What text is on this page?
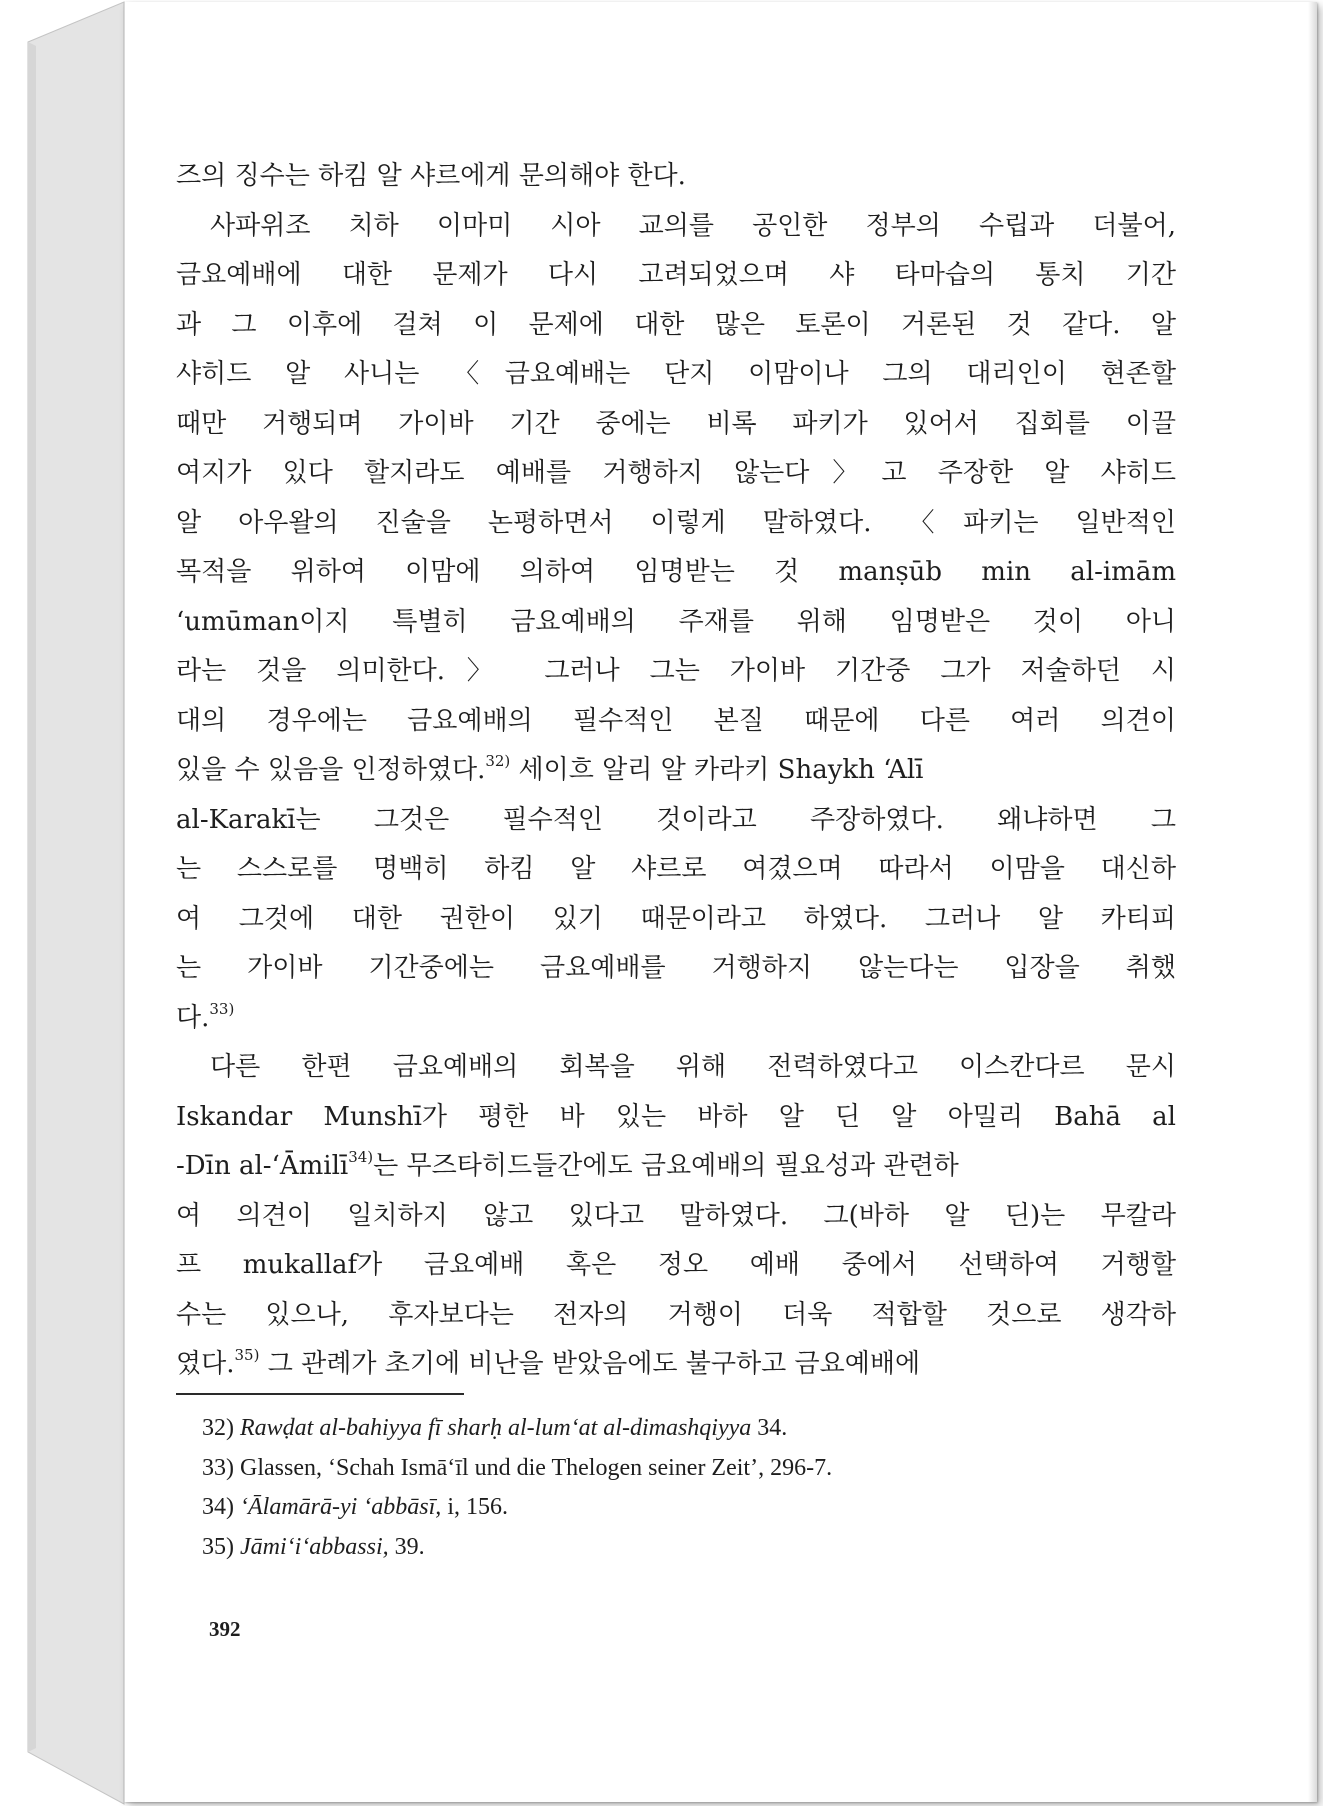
즈의 징수는 하킴 알 샤르에게 문의해야 한다.
사파위조 치하 이마미 시아 교의를 공인한 정부의 수립과 더불어,
금요예배에 대한 문제가 다시 고려되었으며 샤 타마습의 통치 기간
과 그 이후에 걸쳐 이 문제에 대한 많은 토론이 거론된 것 같다. 알
샤히드 알 사니는 〈금요예배는 단지 이맘이나 그의 대리인이 현존할
때만 거행되며 가이바 기간 중에는 비록 파키가 있어서 집회를 이끌
여지가 있다 할지라도 예배를 거행하지 않는다〉고 주장한 알 샤히드
알 아우왈의 진술을 논평하면서 이렇게 말하였다. 〈파키는 일반적인
목적을 위하여 이맘에 의하여 임명받는 것 manṣūb min al-imām
‘umūman이지 특별히 금요예배의 주재를 위해 임명받은 것이 아니
라는 것을 의미한다.〉 그러나 그는 가이바 기간중 그가 저술하던 시
대의 경우에는 금요예배의 필수적인 본질 때문에 다른 여러 의견이
있을 수 있음을 인정하였다.$^{32)}$ 세이흐 알리 알 카라키 Shaykh ‘Alī
al-Karakī는 그것은 필수적인 것이라고 주장하였다. 왜냐하면 그
는 스스로를 명백히 하킴 알 샤르로 여겼으며 따라서 이맘을 대신하
여 그것에 대한 권한이 있기 때문이라고 하였다. 그러나 알 카티피
는 가이바 기간중에는 금요예배를 거행하지 않는다는 입장을 취했
다.$^{33)}$
다른 한편 금요예배의 회복을 위해 전력하였다고 이스칸다르 문시
Iskandar Munshī가 평한 바 있는 바하 알 딘 알 아밀리 Bahā al
-Dīn al-‘Āmilī$^{34)}$는 무즈타히드들간에도 금요예배의 필요성과 관련하
여 의견이 일치하지 않고 있다고 말하였다. 그(바하 알 딘)는 무칼라
프 mukallaf가 금요예배 혹은 정오 예배 중에서 선택하여 거행할
수는 있으나, 후자보다는 전자의 거행이 더욱 적합할 것으로 생각하
였다.$^{35)}$ 그 관례가 초기에 비난을 받았음에도 불구하고 금요예배에
32) Rawḍat al-bahiyya fī sharḥ al-lum‘at al-dimashqiyya 34.
33) Glassen, ‘Schah Ismā‘īl und die Thelogen seiner Zeit’, 296-7.
34) ‘Ālamārā-yi ‘abbāsī, i, 156.
35) Jāmi‘i‘abbassi, 39.
392
